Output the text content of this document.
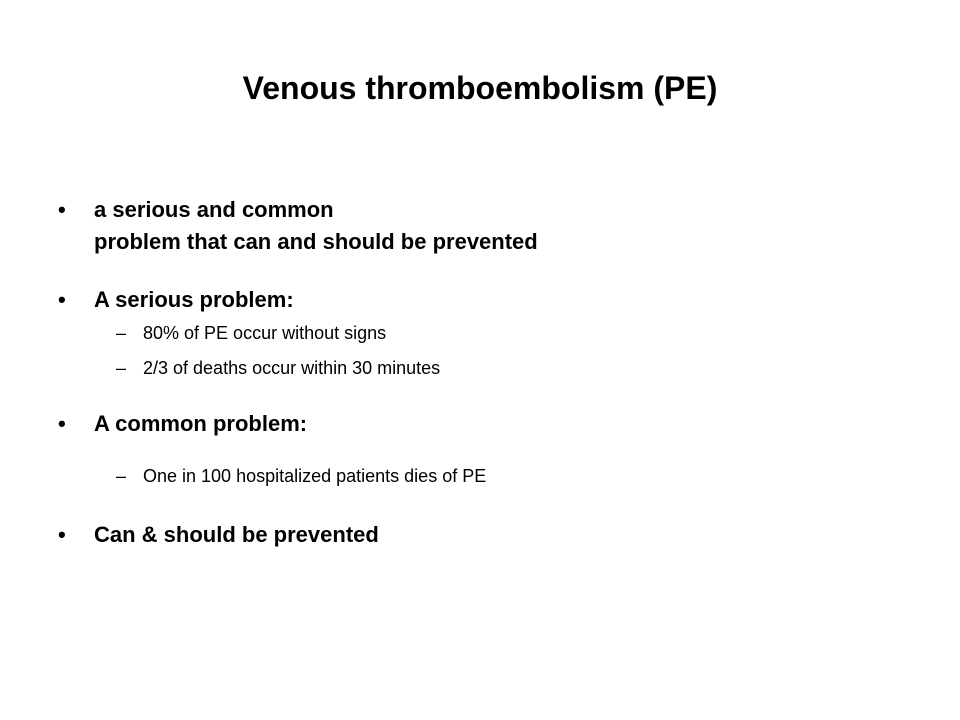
Venous thromboembolism (PE)
• a serious and common
problem that can and should be prevented
• A serious problem:
– 80% of PE occur without signs
– 2/3 of deaths occur within 30 minutes
• A common problem:
– One in 100 hospitalized patients dies of PE
• Can & should be prevented
